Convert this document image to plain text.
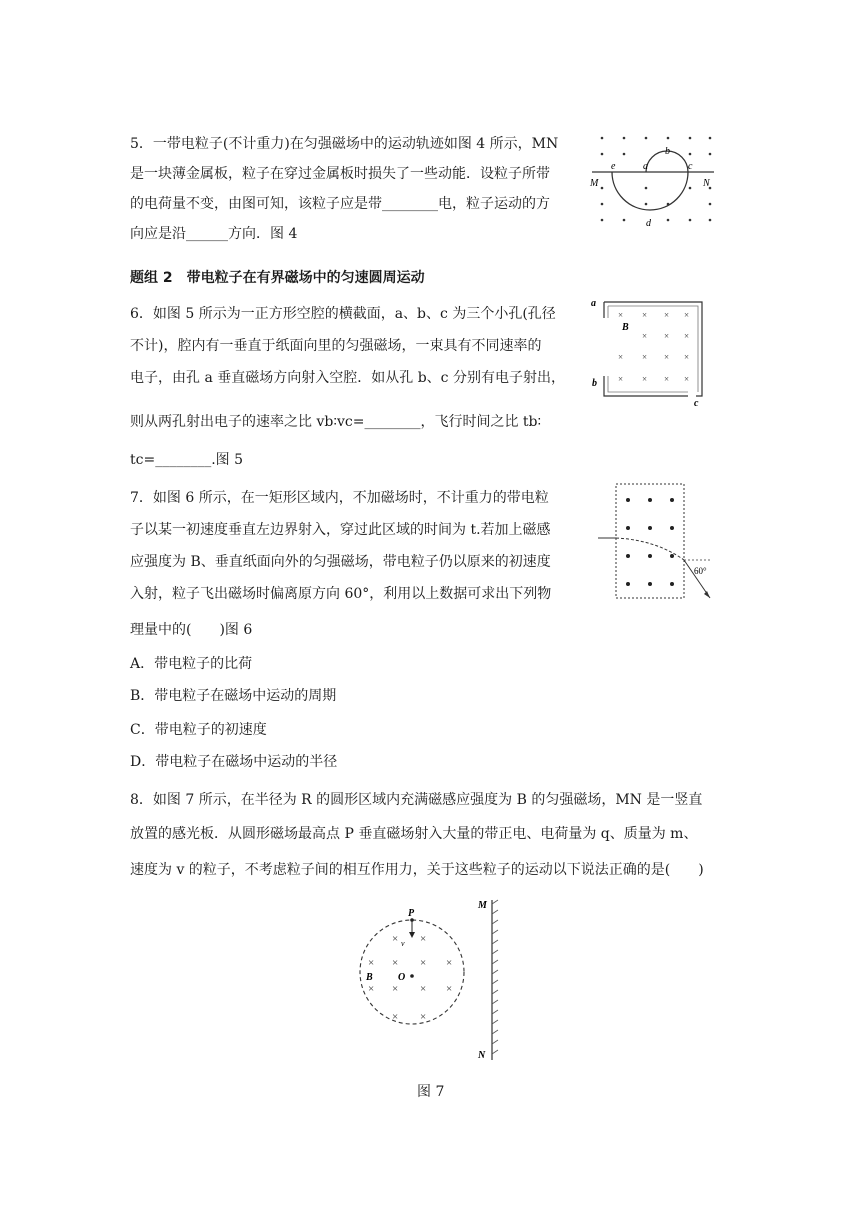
5．一带电粒子(不计重力)在匀强磁场中的运动轨迹如图 4 所示，MN
是一块薄金属板，粒子在穿过金属板时损失了一些动能．设粒子所带
的电荷量不变，由图可知，该粒子应是带________电，粒子运动的方
向应是沿______方向．图 4
b
M
e	a	c
N
d
题组 2　带电粒子在有界磁场中的匀速圆周运动
6．如图 5 所示为一正方形空腔的横截面，a、b、c 为三个小孔(孔径
不计)，腔内有一垂直于纸面向里的匀强磁场，一束具有不同速率的
电子，由孔 a 垂直磁场方向射入空腔．如从孔 b、c 分别有电子射出，
则从两孔射出电子的速率之比 vb∶vc=________，飞行时间之比 tb∶
tc=________.图 5
× × × ×
× × ×
× × × ×
× × × ×
a
B
b
c
7．如图 6 所示，在一矩形区域内，不加磁场时，不计重力的带电粒
子以某一初速度垂直左边界射入，穿过此区域的时间为 t.若加上磁感
应强度为 B、垂直纸面向外的匀强磁场，带电粒子仍以原来的初速度
入射，粒子飞出磁场时偏离原方向 60°，利用以上数据可求出下列物
理量中的(　　)图 6
A．带电粒子的比荷
B．带电粒子在磁场中运动的周期
C．带电粒子的初速度
D．带电粒子在磁场中运动的半径
60°
8．如图 7 所示，在半径为 R 的圆形区域内充满磁感应强度为 B 的匀强磁场，MN 是一竖直
放置的感光板．从圆形磁场最高点 P 垂直磁场射入大量的带正电、电荷量为 q、质量为 m、
速度为 v 的粒子，不考虑粒子间的相互作用力，关于这些粒子的运动以下说法正确的是(　　)
P
v
× ×
× × × ×
× × × ×
× ×
O
B
M
N
图 7
